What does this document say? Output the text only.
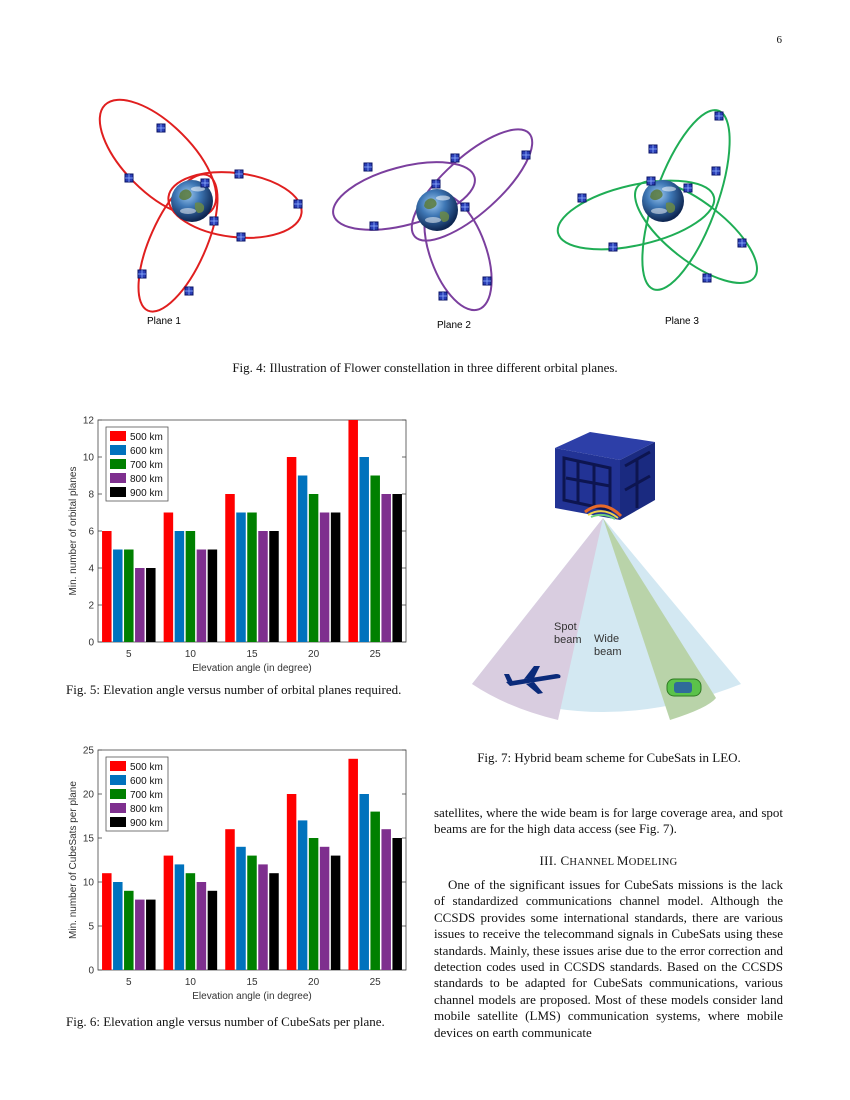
6
Plane 1	Plane 2	Plane 3
Fig. 4: Illustration of Flower constellation in three different orbital planes.
0
2
4
6
8
10
12
5	10	15	20	25
Elevation angle (in degree)
Min. number of orbital planes
500 km
600 km
700 km
800 km
900 km
Fig. 5: Elevation angle versus number of orbital planes required.
0
5
10
15
20
25
5	10	15	20	25
Elevation angle (in degree)
Min. number of CubeSats per plane
500 km
600 km
700 km
800 km
900 km
Fig. 6: Elevation angle versus number of CubeSats per plane.
Spot beam Wide beam
Fig. 7: Hybrid beam scheme for CubeSats in LEO.
satellites, where the wide beam is for large coverage area, and spot beams are for the high data access (see Fig. 7).
III. CHANNEL MODELING
One of the significant issues for CubeSats missions is the lack of standardized communications channel model. Although the CCSDS provides some international standards, there are various issues to receive the telecommand signals in CubeSats using these standards. Mainly, these issues arise due to the error correction and detection codes used in CCSDS standards. Based on the CCSDS standards to be adapted for CubeSats communications, various channel models are proposed. Most of these models consider land mobile satellite (LMS) communication systems, where mobile devices on earth communicate
